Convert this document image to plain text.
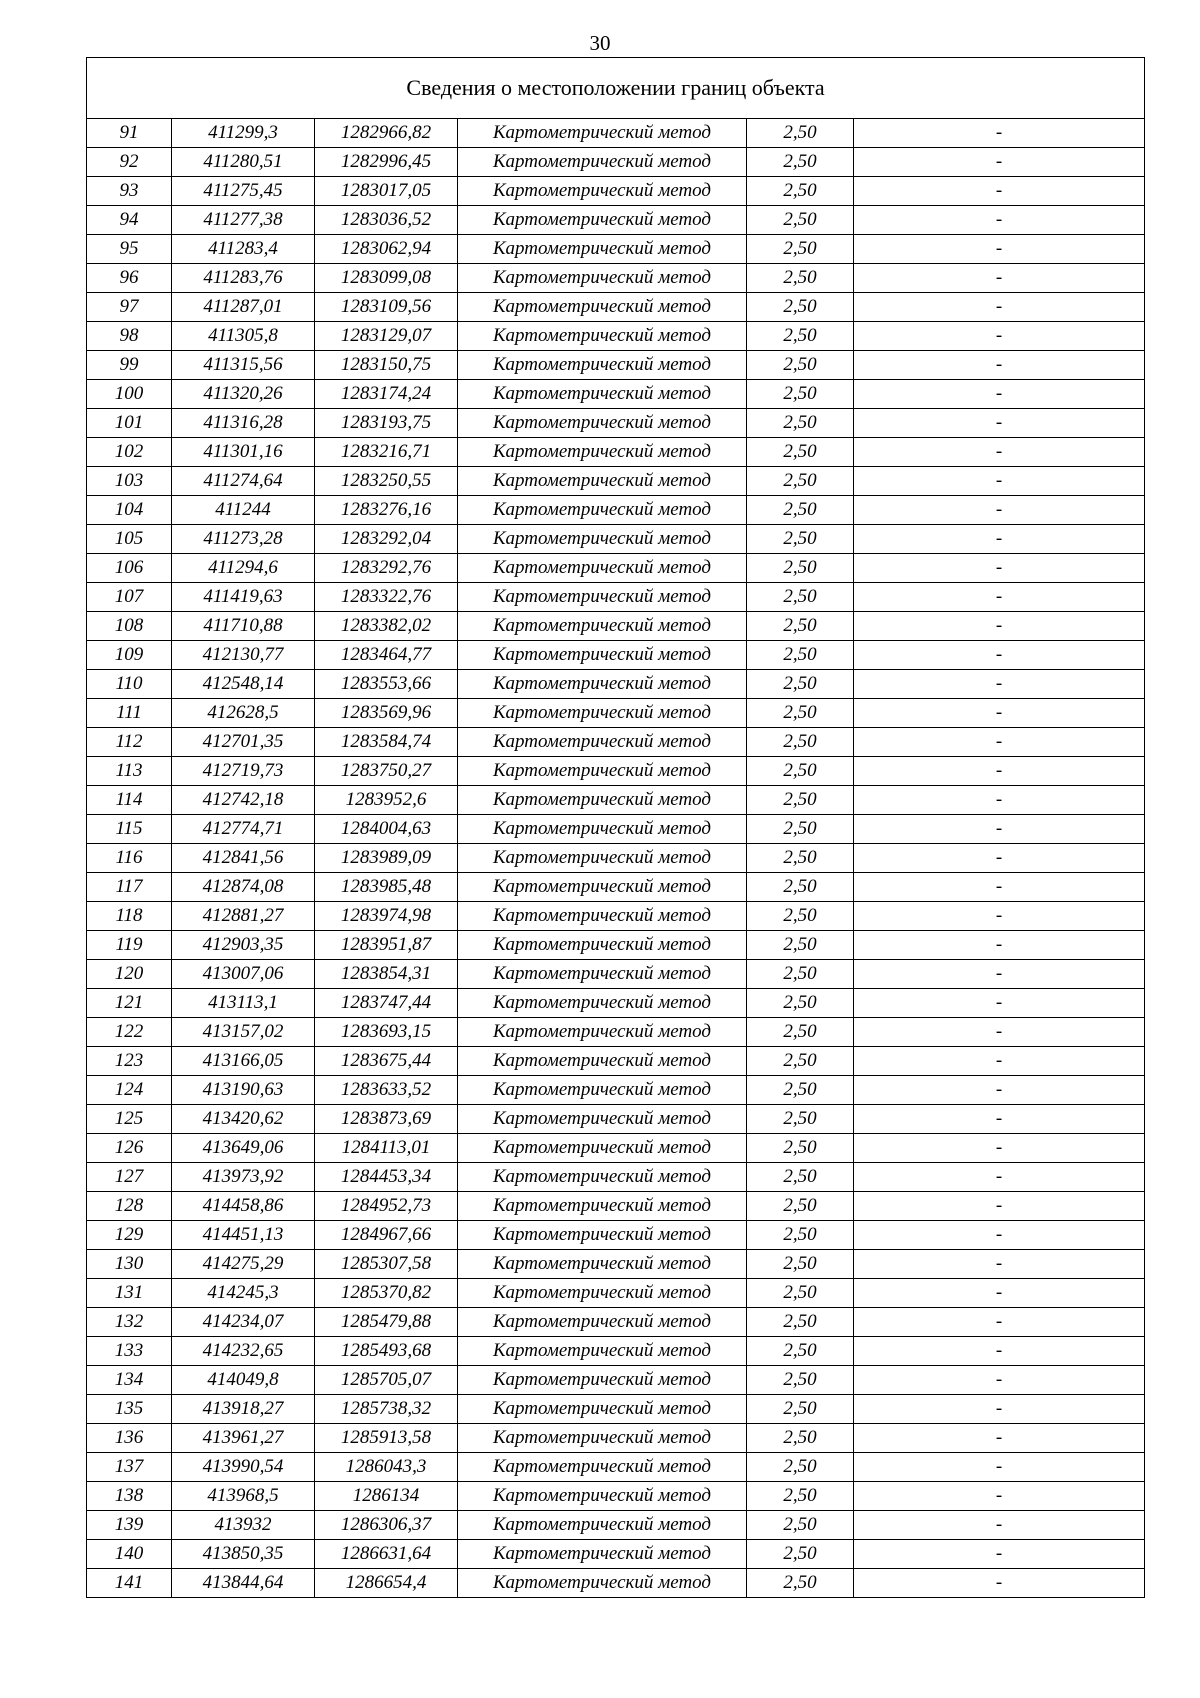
30
Сведения о местоположении границ объекта					
91	411299,3	1282966,82	Картометрический метод	2,50	-
92	411280,51	1282996,45	Картометрический метод	2,50	-
93	411275,45	1283017,05	Картометрический метод	2,50	-
94	411277,38	1283036,52	Картометрический метод	2,50	-
95	411283,4	1283062,94	Картометрический метод	2,50	-
96	411283,76	1283099,08	Картометрический метод	2,50	-
97	411287,01	1283109,56	Картометрический метод	2,50	-
98	411305,8	1283129,07	Картометрический метод	2,50	-
99	411315,56	1283150,75	Картометрический метод	2,50	-
100	411320,26	1283174,24	Картометрический метод	2,50	-
101	411316,28	1283193,75	Картометрический метод	2,50	-
102	411301,16	1283216,71	Картометрический метод	2,50	-
103	411274,64	1283250,55	Картометрический метод	2,50	-
104	411244	1283276,16	Картометрический метод	2,50	-
105	411273,28	1283292,04	Картометрический метод	2,50	-
106	411294,6	1283292,76	Картометрический метод	2,50	-
107	411419,63	1283322,76	Картометрический метод	2,50	-
108	411710,88	1283382,02	Картометрический метод	2,50	-
109	412130,77	1283464,77	Картометрический метод	2,50	-
110	412548,14	1283553,66	Картометрический метод	2,50	-
111	412628,5	1283569,96	Картометрический метод	2,50	-
112	412701,35	1283584,74	Картометрический метод	2,50	-
113	412719,73	1283750,27	Картометрический метод	2,50	-
114	412742,18	1283952,6	Картометрический метод	2,50	-
115	412774,71	1284004,63	Картометрический метод	2,50	-
116	412841,56	1283989,09	Картометрический метод	2,50	-
117	412874,08	1283985,48	Картометрический метод	2,50	-
118	412881,27	1283974,98	Картометрический метод	2,50	-
119	412903,35	1283951,87	Картометрический метод	2,50	-
120	413007,06	1283854,31	Картометрический метод	2,50	-
121	413113,1	1283747,44	Картометрический метод	2,50	-
122	413157,02	1283693,15	Картометрический метод	2,50	-
123	413166,05	1283675,44	Картометрический метод	2,50	-
124	413190,63	1283633,52	Картометрический метод	2,50	-
125	413420,62	1283873,69	Картометрический метод	2,50	-
126	413649,06	1284113,01	Картометрический метод	2,50	-
127	413973,92	1284453,34	Картометрический метод	2,50	-
128	414458,86	1284952,73	Картометрический метод	2,50	-
129	414451,13	1284967,66	Картометрический метод	2,50	-
130	414275,29	1285307,58	Картометрический метод	2,50	-
131	414245,3	1285370,82	Картометрический метод	2,50	-
132	414234,07	1285479,88	Картометрический метод	2,50	-
133	414232,65	1285493,68	Картометрический метод	2,50	-
134	414049,8	1285705,07	Картометрический метод	2,50	-
135	413918,27	1285738,32	Картометрический метод	2,50	-
136	413961,27	1285913,58	Картометрический метод	2,50	-
137	413990,54	1286043,3	Картометрический метод	2,50	-
138	413968,5	1286134	Картометрический метод	2,50	-
139	413932	1286306,37	Картометрический метод	2,50	-
140	413850,35	1286631,64	Картометрический метод	2,50	-
141	413844,64	1286654,4	Картометрический метод	2,50	-
